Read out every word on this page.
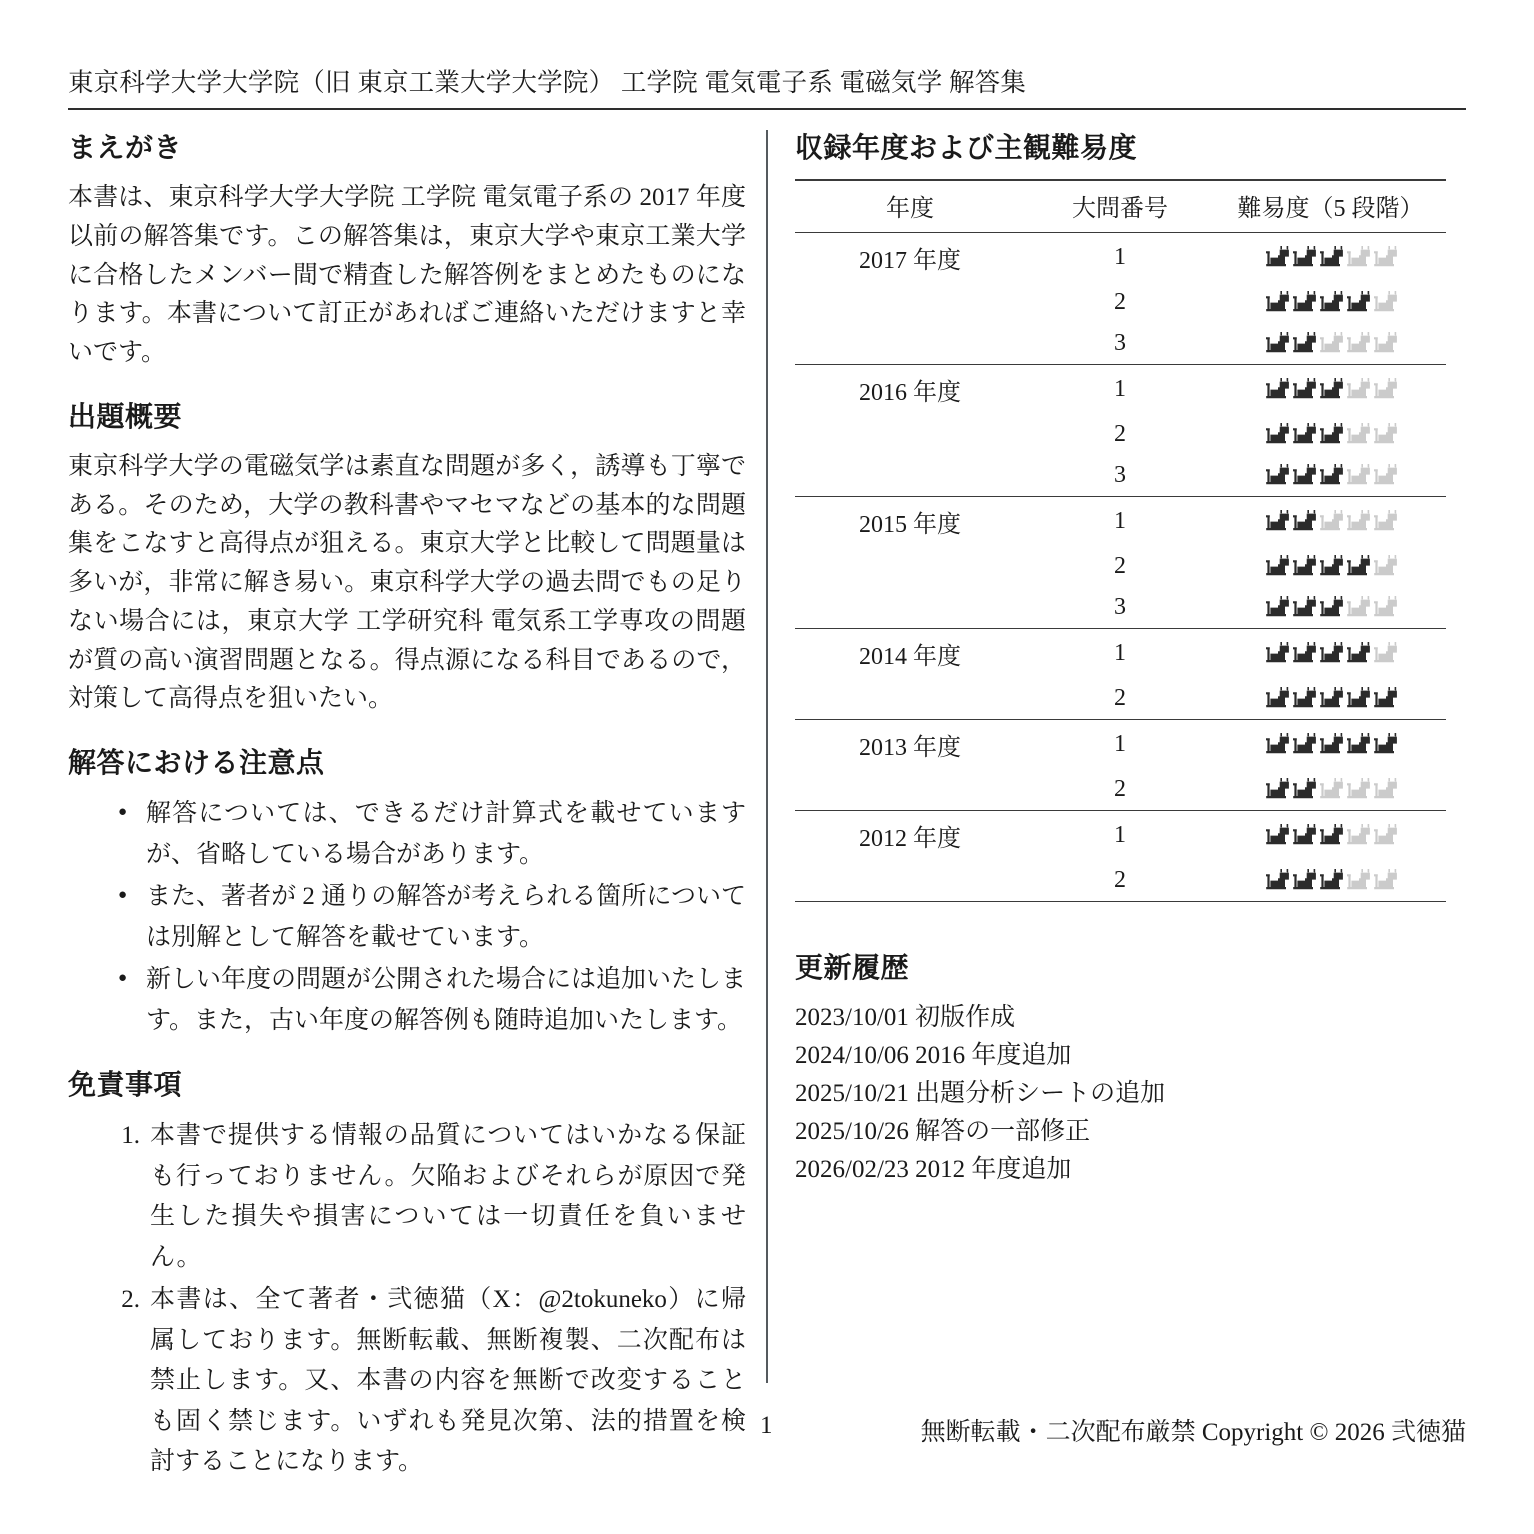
東京科学大学大学院（旧 東京工業大学大学院） 工学院 電気電子系 電磁気学 解答集
まえがき

本書は、東京科学大学大学院 工学院 電気電子系の 2017 年度以前の解答集です。この解答集は，東京大学や東京工業大学に合格したメンバー間で精査した解答例をまとめたものになります。本書について訂正があればご連絡いただけますと幸いです。

出題概要

東京科学大学の電磁気学は素直な問題が多く，誘導も丁寧である。そのため，大学の教科書やマセマなどの基本的な問題集をこなすと高得点が狙える。東京大学と比較して問題量は多いが，非常に解き易い。東京科学大学の過去問でもの足りない場合には，東京大学 工学研究科 電気系工学専攻の問題が質の高い演習問題となる。得点源になる科目であるので，対策して高得点を狙いたい。

解答における注意点
● 解答については、できるだけ計算式を載せていますが、省略している場合があります。
● また、著者が 2 通りの解答が考えられる箇所については別解として解答を載せています。
● 新しい年度の問題が公開された場合には追加いたします。また，古い年度の解答例も随時追加いたします。
免責事項
本書で提供する情報の品質についてはいかなる保証も行っておりません。欠陥およびそれらが原因で発生した損失や損害については一切責任を負いません。
本書は、全て著者・弐徳猫（X：@2tokuneko）に帰属しております。無断転載、無断複製、二次配布は禁止します。又、本書の内容を無断で改変することも固く禁じます。いずれも発見次第、法的措置を検討することになります。
収録年度および主観難易度
年度	大問番号	難易度（5 段階）
2017 年度	1	

	2	

	3	

2016 年度	1	

	2	

	3	

2015 年度	1	

	2	

	3	

2014 年度	1	

	2	

2013 年度	1	

	2	

2012 年度	1	

	2	
更新履歴
2023/10/01 初版作成
2024/10/06 2016 年度追加
2025/10/21 出題分析シートの追加
2025/10/26 解答の一部修正
2026/02/23 2012 年度追加
1	無断転載・二次配布厳禁 Copyright © 2026 弐徳猫
